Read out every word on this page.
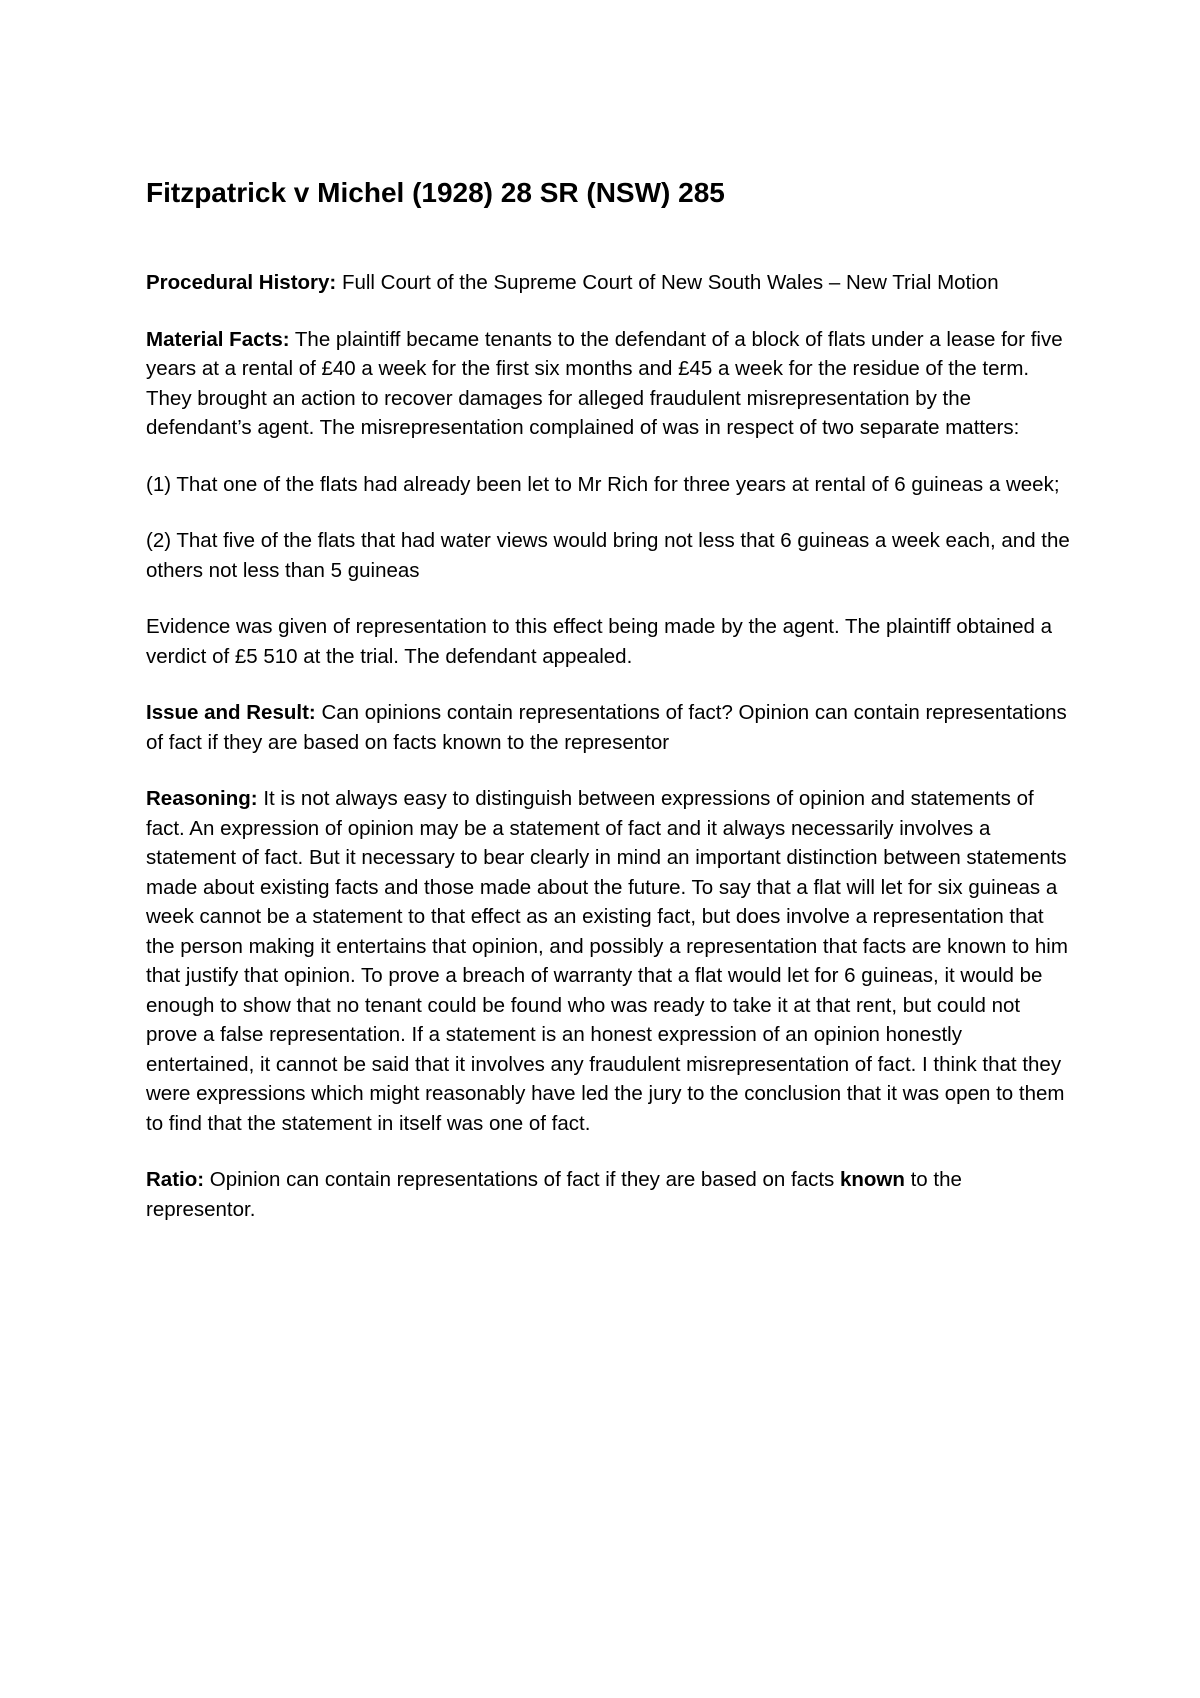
Fitzpatrick v Michel (1928) 28 SR (NSW) 285

Procedural History: Full Court of the Supreme Court of New South Wales – New Trial Motion

Material Facts: The plaintiff became tenants to the defendant of a block of flats under a lease for five years at a rental of £40 a week for the first six months and £45 a week for the residue of the term. They brought an action to recover damages for alleged fraudulent misrepresentation by the defendant’s agent. The misrepresentation complained of was in respect of two separate matters:

(1) That one of the flats had already been let to Mr Rich for three years at rental of 6 guineas a week;

(2) That five of the flats that had water views would bring not less that 6 guineas a week each, and the others not less than 5 guineas

Evidence was given of representation to this effect being made by the agent. The plaintiff obtained a verdict of £5 510 at the trial. The defendant appealed.

Issue and Result: Can opinions contain representations of fact? Opinion can contain representations of fact if they are based on facts known to the representor

Reasoning: It is not always easy to distinguish between expressions of opinion and statements of fact. An expression of opinion may be a statement of fact and it always necessarily involves a statement of fact. But it necessary to bear clearly in mind an important distinction between statements made about existing facts and those made about the future. To say that a flat will let for six guineas a week cannot be a statement to that effect as an existing fact, but does involve a representation that the person making it entertains that opinion, and possibly a representation that facts are known to him that justify that opinion. To prove a breach of warranty that a flat would let for 6 guineas, it would be enough to show that no tenant could be found who was ready to take it at that rent, but could not prove a false representation. If a statement is an honest expression of an opinion honestly entertained, it cannot be said that it involves any fraudulent misrepresentation of fact. I think that they were expressions which might reasonably have led the jury to the conclusion that it was open to them to find that the statement in itself was one of fact.

Ratio: Opinion can contain representations of fact if they are based on facts known to the representor.
